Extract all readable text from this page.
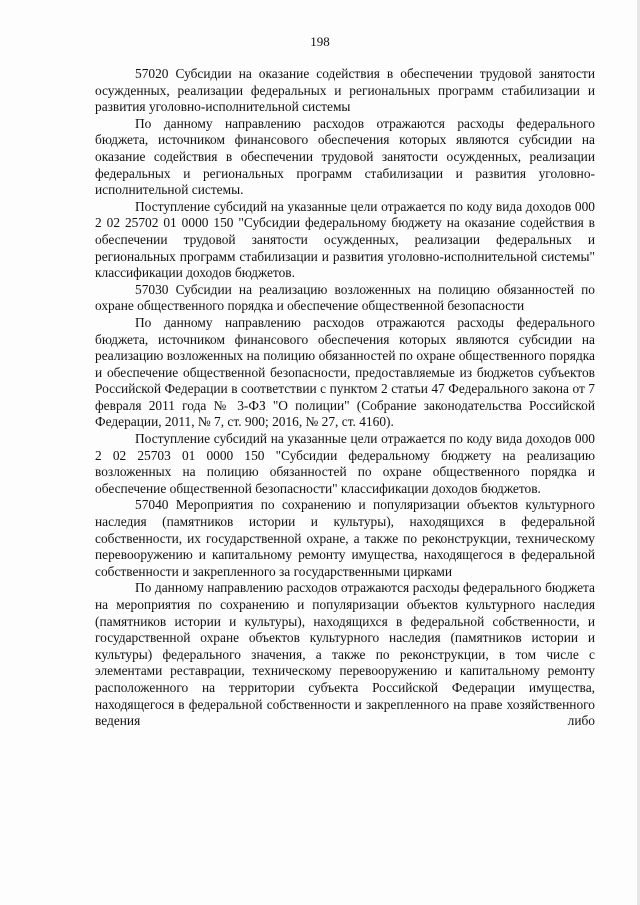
198

57020 Субсидии на оказание содействия в обеспечении трудовой занятости осужденных, реализации федеральных и региональных программ стабилизации и развития уголовно-исполнительной системы

По данному направлению расходов отражаются расходы федерального бюджета, источником финансового обеспечения которых являются субсидии на оказание содействия в обеспечении трудовой занятости осужденных, реализации федеральных и региональных программ стабилизации и развития уголовно-исполнительной системы.

Поступление субсидий на указанные цели отражается по коду вида доходов 000 2 02 25702 01 0000 150 "Субсидии федеральному бюджету на оказание содействия в обеспечении трудовой занятости осужденных, реализации федеральных и региональных программ стабилизации и развития уголовно-исполнительной системы" классификации доходов бюджетов.

57030 Субсидии на реализацию возложенных на полицию обязанностей по охране общественного порядка и обеспечение общественной безопасности

По данному направлению расходов отражаются расходы федерального бюджета, источником финансового обеспечения которых являются субсидии на реализацию возложенных на полицию обязанностей по охране общественного порядка и обеспечение общественной безопасности, предоставляемые из бюджетов субъектов Российской Федерации в соответствии с пунктом 2 статьи 47 Федерального закона от 7 февраля 2011 года № 3-ФЗ "О полиции" (Собрание законодательства Российской Федерации, 2011, № 7, ст. 900; 2016, № 27, ст. 4160).

Поступление субсидий на указанные цели отражается по коду вида доходов 000 2 02 25703 01 0000 150 "Субсидии федеральному бюджету на реализацию возложенных на полицию обязанностей по охране общественного порядка и обеспечение общественной безопасности" классификации доходов бюджетов.

57040 Мероприятия по сохранению и популяризации объектов культурного наследия (памятников истории и культуры), находящихся в федеральной собственности, их государственной охране, а также по реконструкции, техническому перевооружению и капитальному ремонту имущества, находящегося в федеральной собственности и закрепленного за государственными цирками

По данному направлению расходов отражаются расходы федерального бюджета на мероприятия по сохранению и популяризации объектов культурного наследия (памятников истории и культуры), находящихся в федеральной собственности, и государственной охране объектов культурного наследия (памятников истории и культуры) федерального значения, а также по реконструкции, в том числе с элементами реставрации, техническому перевооружению и капитальному ремонту расположенного на территории субъекта Российской Федерации имущества, находящегося в федеральной собственности и закрепленного на праве хозяйственного ведения либо
